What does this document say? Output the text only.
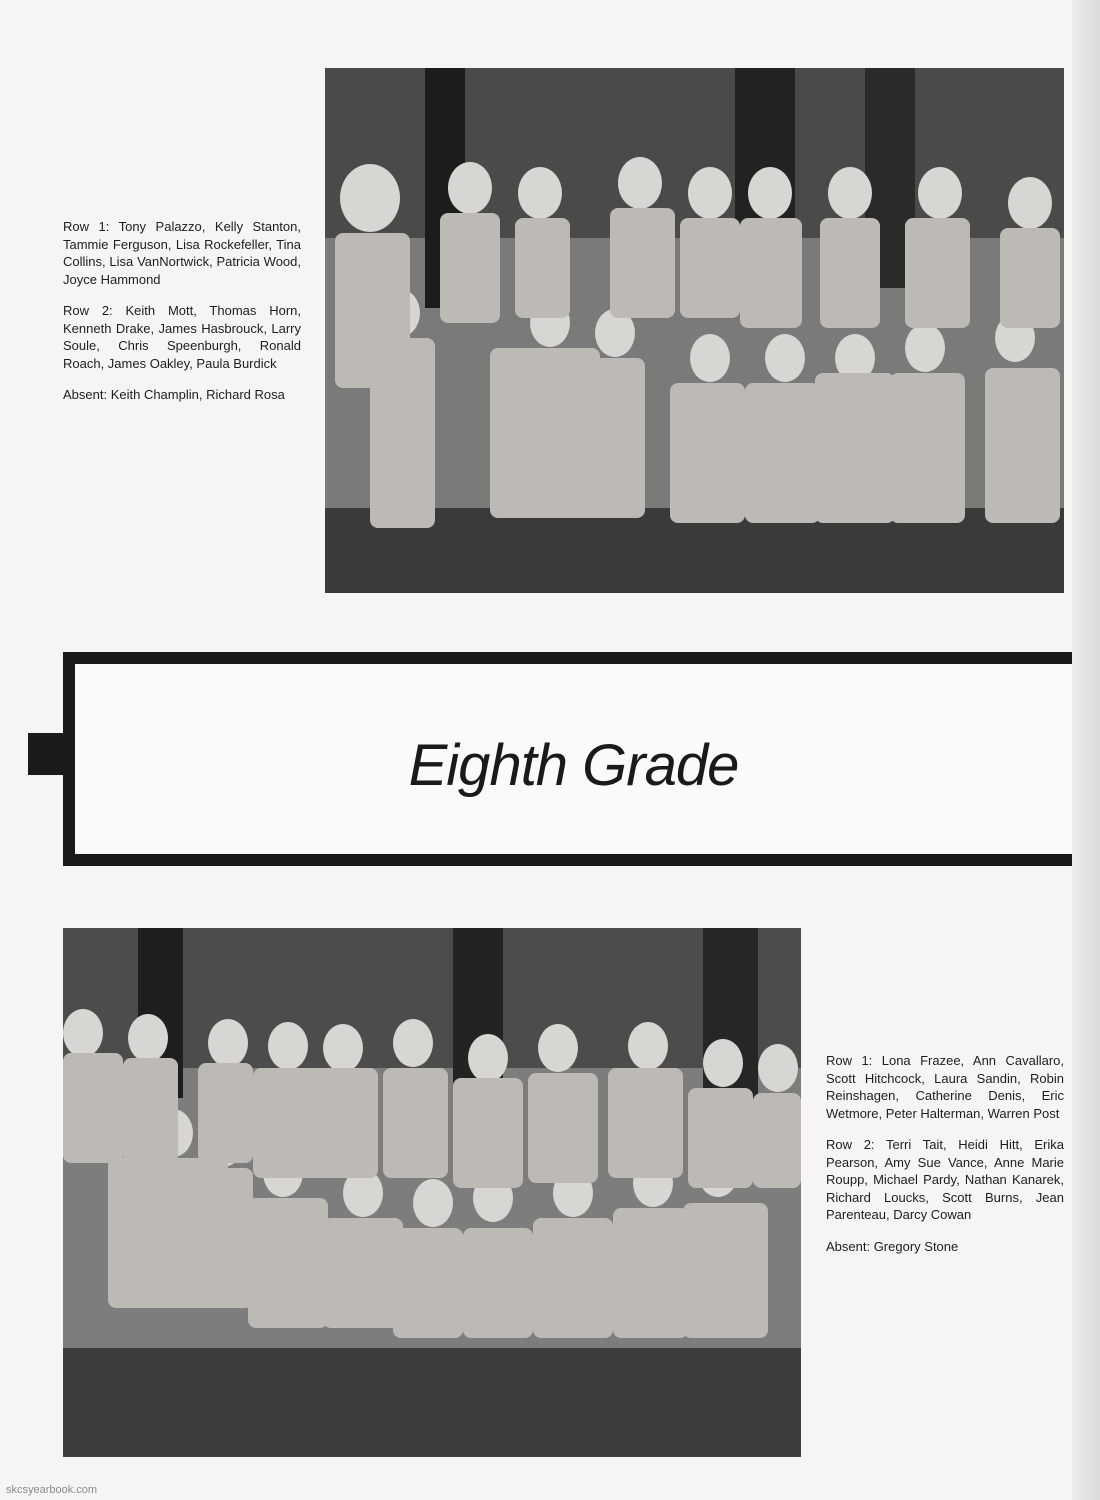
Row 1: Tony Palazzo, Kelly Stanton, Tammie Ferguson, Lisa Rockefeller, Tina Collins, Lisa VanNortwick, Patricia Wood, Joyce Hammond

Row 2: Keith Mott, Thomas Horn, Kenneth Drake, James Hasbrouck, Larry Soule, Chris Speenburgh, Ronald Roach, James Oakley, Paula Burdick

Absent: Keith Champlin, Richard Rosa

Eighth Grade

Row 1: Lona Frazee, Ann Cavallaro, Scott Hitchcock, Laura Sandin, Robin Reinshagen, Catherine Denis, Eric Wetmore, Peter Halterman, Warren Post

Row 2: Terri Tait, Heidi Hitt, Erika Pearson, Amy Sue Vance, Anne Marie Roupp, Michael Pardy, Nathan Kanarek, Richard Loucks, Scott Burns, Jean Parenteau, Darcy Cowan

Absent: Gregory Stone

skcsyearbook.com
